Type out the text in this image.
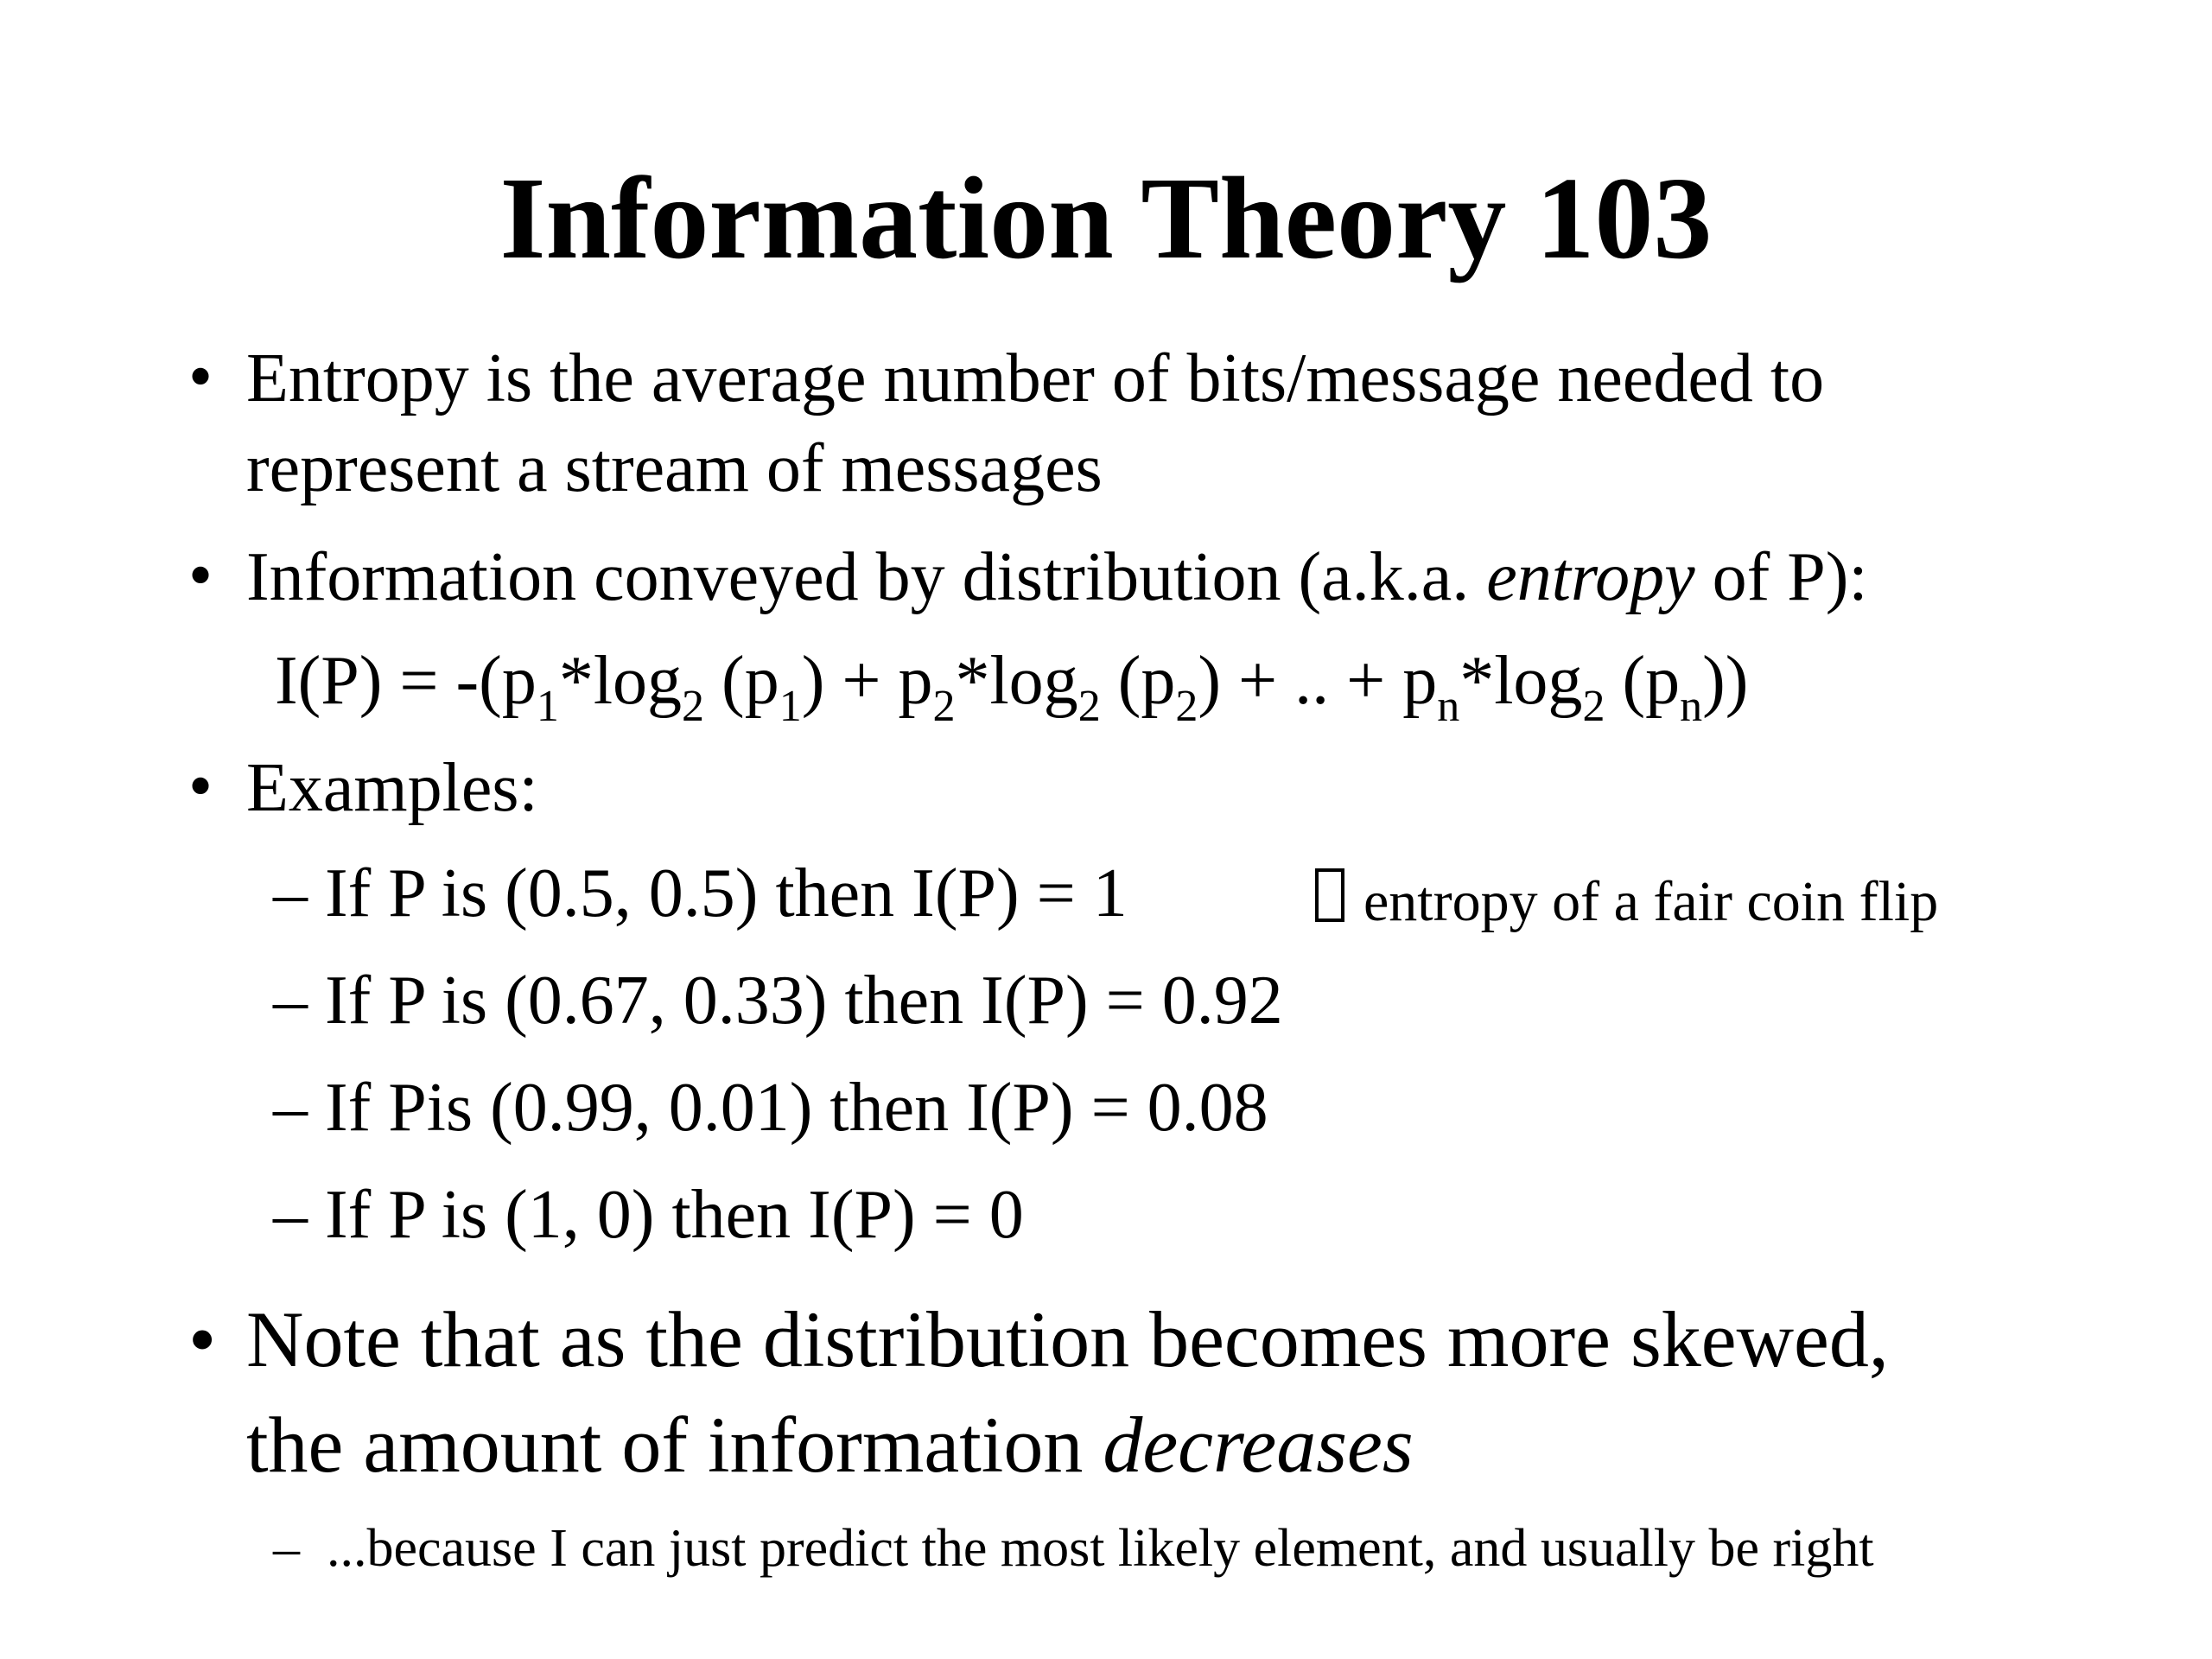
Information Theory 103
• Entropy is the average number of bits/message needed to
represent a stream of messages
• Information conveyed by distribution (a.k.a. entropy of P):
$I(P) = -(p_1*\log_2$ $(p_1) + p_2*\log_2$ $(p_2)$ + .. + $p_n*\log_2$ $(p_n)$)
• Examples:
– If P is (0.5, 0.5) then I(P) = 1	entropy of a fair coin flip
– If P is (0.67, 0.33) then I(P) = 0.92
– If Pis (0.99, 0.01) then I(P) = 0.08
– If P is (1, 0) then I(P) = 0
• Note that as the distribution becomes more skewed,
the amount of information decreases
– ...because I can just predict the most likely element, and usually be right
